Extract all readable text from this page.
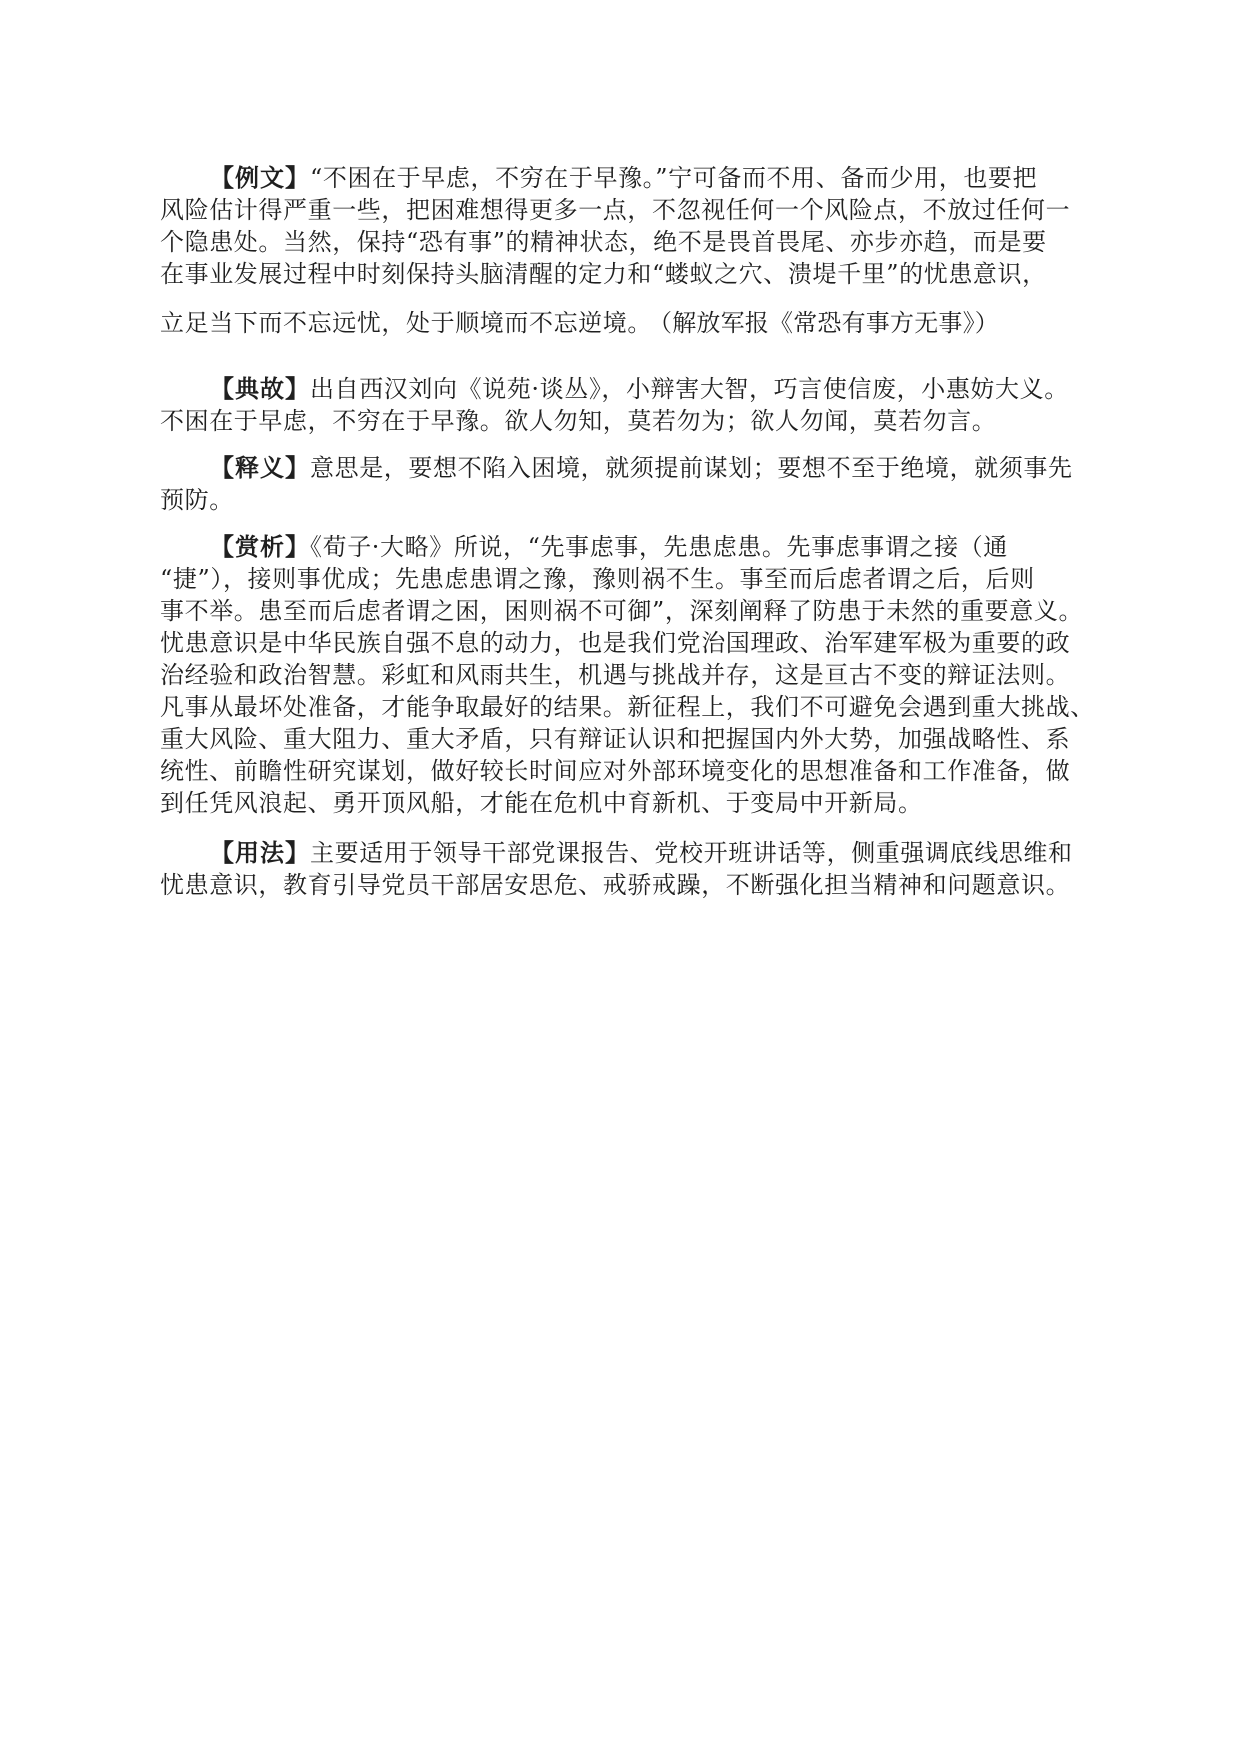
【例文】“不困在于早虑，不穷在于早豫。”宁可备而不用、备而少用，也要把
风险估计得严重一些，把困难想得更多一点，不忽视任何一个风险点，不放过任何一
个隐患处。当然，保持“恐有事”的精神状态，绝不是畏首畏尾、亦步亦趋，而是要
在事业发展过程中时刻保持头脑清醒的定力和“蝼蚁之穴、溃堤千里”的忧患意识，
立足当下而不忘远忧，处于顺境而不忘逆境。 （解放军报《常恐有事方无事》）
【典故】出自西汉刘向《说苑·谈丛》，小辩害大智，巧言使信废，小惠妨大义。
不困在于早虑，不穷在于早豫。欲人勿知，莫若勿为；欲人勿闻，莫若勿言。
【释义】意思是，要想不陷入困境，就须提前谋划；要想不至于绝境，就须事先
预防。
【赏析】《荀子·大略》所说，“先事虑事，先患虑患。先事虑事谓之接（通
“捷”），接则事优成；先患虑患谓之豫，豫则祸不生。事至而后虑者谓之后，后则
事不举。患至而后虑者谓之困，困则祸不可御”，深刻阐释了防患于未然的重要意义。
忧患意识是中华民族自强不息的动力，也是我们党治国理政、治军建军极为重要的政
治经验和政治智慧。彩虹和风雨共生，机遇与挑战并存，这是亘古不变的辩证法则。
凡事从最坏处准备，才能争取最好的结果。新征程上，我们不可避免会遇到重大挑战、
重大风险、重大阻力、重大矛盾，只有辩证认识和把握国内外大势，加强战略性、系
统性、前瞻性研究谋划，做好较长时间应对外部环境变化的思想准备和工作准备，做
到任凭风浪起、勇开顶风船，才能在危机中育新机、于变局中开新局。
【用法】主要适用于领导干部党课报告、党校开班讲话等，侧重强调底线思维和
忧患意识，教育引导党员干部居安思危、戒骄戒躁，不断强化担当精神和问题意识。
